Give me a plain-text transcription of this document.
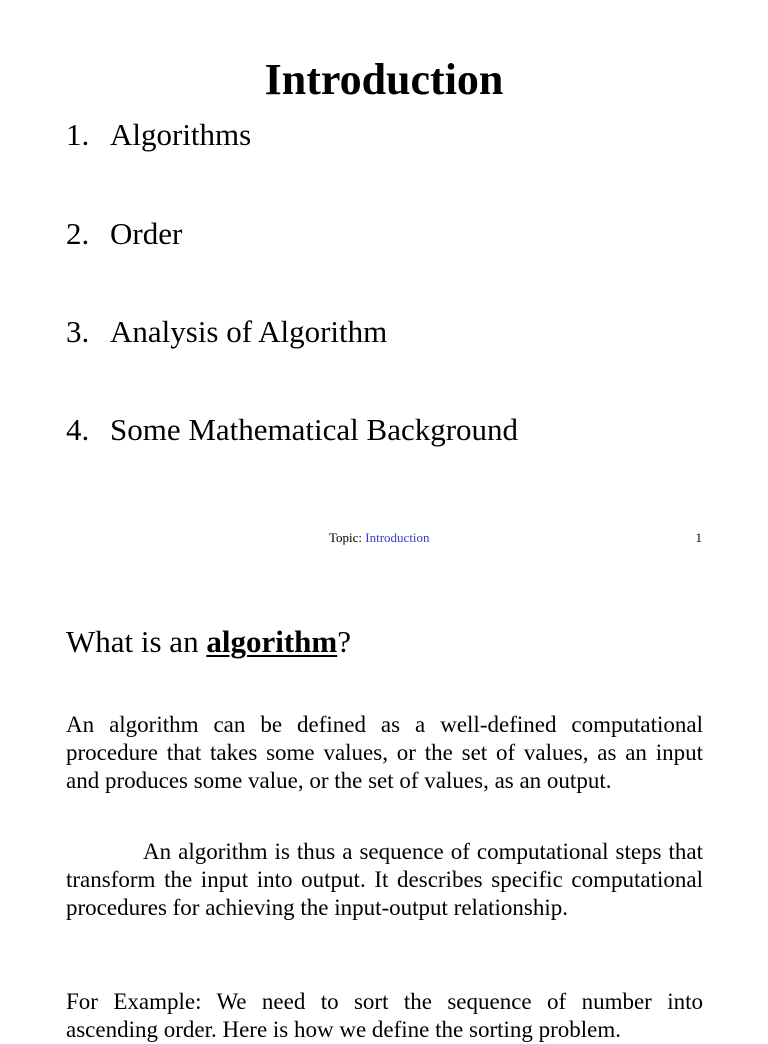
Introduction
1. Algorithms
2. Order
3. Analysis of Algorithm
4. Some Mathematical Background
Topic: Introduction	1
What is an algorithm?

An algorithm can be defined as a well-defined computational procedure that takes some values, or the set of values, as an input and produces some value, or the set of values, as an output.

An algorithm is thus a sequence of computational steps that transform the input into output. It describes specific computational procedures for achieving the input-output relationship.

For Example: We need to sort the sequence of number into ascending order. Here is how we define the sorting problem.
